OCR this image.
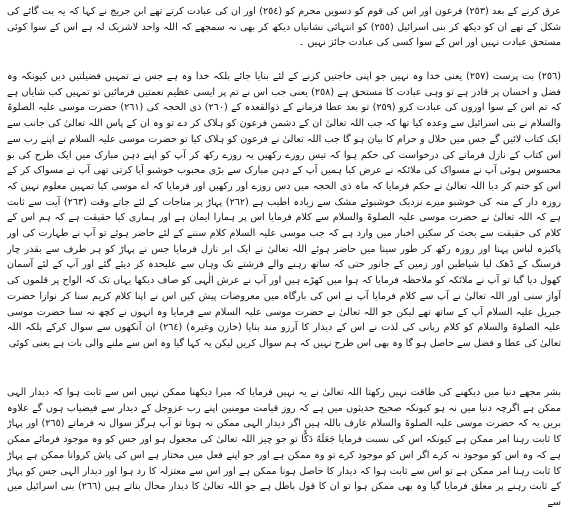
عرق کرنے کے بعد (٢٥٣) فرعون اور اس کی قوم کو دسویں محرم کو (٢٥٤) اور ان کی عبادت کرتے تھے ابن جریج نے کہا کہ یہ بت گائے کی شکل کے تھے ان کو دیکھ کر بنی اسرائیل (٢٥٥) کو انتہائی نشانیاں دیکھ کر بھی نہ سمجھے کہ اللہ واحد لاشریک لہ ہے اس کے سوا کوئی مستحق عبادت نہیں اور اس کے سوا کسی کی عبادت جائز نہیں ۔

(٢٥٦) بت پرست (٢٥٧) یعنی خدا وہ نہیں جو اپنی حاجتیں کرنے کے لئے بنایا جائے بلکہ خدا وہ ہے جس نے تمہیں فضیلتیں دیں کیونکہ وہ فضل و احسان پر قادر ہے تو وہی عبادت کا مستحق ہے (٢٥٨) یعنی جب اس نے تم پر ایسی عظیم نعمتیں فرمائیں تو تمہیں کب شایاں ہے کہ تم اس کے سوا اوروں کی عبادت کرو (٢٥٩) تو بعد عطا فرمانے کے ذوالقعدہ کے (٢٦٠) ذی الحجہ کی (٢٦١) حضرت موسی علیہ الصلوۃ والسلام نے بنی اسرائیل سے وعدہ کیا تھا کہ جب اللہ تعالیٰ ان کے دشمن فرعون کو ہلاک کر دے تو وہ ان کے پاس اللہ تعالیٰ کی جانب سے ایک کتاب لائیں گے جس میں حلال و حرام کا بیان ہو گا جب اللہ تعالیٰ نے فرعون کو ہلاک کیا تو حضرت موسی علیہ السلام نے اپنے رب سے اس کتاب کے نازل فرمانے کی درخواست کی حکم ہوا کہ تیس روزے رکھیں یہ روزے رکھ کر آپ کو اپنے دہن مبارک میں ایک طرح کی بو محسوس ہوئی آپ نے مسواک کی ملائکہ نے عرض کیا ہمیں آپ کے دہن مبارک سے بڑی محبوب خوشبو آیا کرتی تھی آپ نے مسواک کر کے اس کو ختم کر دیا اللہ تعالیٰ نے حکم فرمایا کہ ماہ ذی الحجہ میں دس روزے اور رکھیں اور فرمایا کہ اے موسی کیا تمہیں معلوم نہیں کہ روزہ دار کے منہ کی خوشبو میرے نزدیک خوشبوئے مشک سے زیادہ اطیب ہے (٢٦٢) پہاڑ پر مناجات کے لئے جاتے وقت (٢٦٣) آیت سے ثابت ہے کہ اللہ تعالیٰ نے حضرت موسی علیہ الصلوۃ والسلام سے کلام فرمایا اس پر ہمارا ایمان ہے اور ہماری کیا حقیقت ہے کہ ہم اس کے کلام کی حقیقت سے بحث کر سکیں اخبار میں وارد ہے کہ جب موسی علیہ السلام کلام سننے کے لئے حاضر ہوئے تو آپ نے طہارت کی اور پاکیزہ لباس پہنا اور روزہ رکھ کر طور سینا میں حاضر ہوئے اللہ تعالیٰ نے ایک ابر نازل فرمایا جس نے پہاڑ کو ہر طرف سے بقدر چار فرسنگ کے ڈھک لیا شیاطین اور زمین کے جانور حتی کہ ساتھ رہنے والے فرشتے تک وہاں سے علیحدہ کر دیئے گئے اور آپ کے لئے آسمان کھول دیا گیا تو آپ نے ملائکہ کو ملاحظہ فرمایا کہ ہوا میں کھڑے ہیں اور آپ نے عرش الٰہی کو صاف دیکھا یہاں تک کہ الواح پر قلموں کی آواز سنی اور اللہ تعالیٰ نے آپ سے کلام فرمایا آپ نے اس کی بارگاہ میں معروضات پیش کیں اس نے اپنا کلام کریم سنا کر نوازا حضرت جبریل علیہ السلام آپ کے ساتھ تھے لیکن جو اللہ تعالیٰ نے حضرت موسی علیہ السلام سے فرمایا وہ انہوں نے کچھ نہ سنا حضرت موسی علیہ الصلوۃ والسلام کو کلام ربانی کی لذت نے اس کے دیدار کا آرزو مند بنایا (خازن وغیرہ) (٢٦٤) ان آنکھوں سے سوال کرکے بلکہ اللہ تعالیٰ کی عطا و فضل سے حاصل ہو گا وہ بھی اس طرح نہیں کہ ہم سوال کریں لیکن یہ کہا گیا وہ اس سے ملنے والی بات ہے یعنی کوئی

بشر مجھے دنیا میں دیکھنے کی طاقت نہیں رکھتا اللہ تعالیٰ نے یہ نہیں فرمایا کہ میرا دیکھنا ممکن نہیں اس سے ثابت ہوا کہ دیدار الہی ممکن ہے اگرچہ دنیا میں نہ ہو کیونکہ صحیح حدیثوں میں ہے کہ روز قیامت مومنین اپنے رب عزوجل کے دیدار سے فیضیاب ہوں گے علاوہ بریں یہ کہ حضرت موسی علیہ الصلوۃ والسلام عارف باللہ ہیں اگر دیدار الہی ممکن نہ ہوتا تو آپ ہرگز سوال نہ فرماتے (٢٦٥) اور پہاڑ کا ثابت رہنا امر ممکن ہے کیونکہ اس کی نسبت فرمایا جَعَلَهُ دَكًّا تو جو چیز اللہ تعالیٰ کی مجعول ہو اور جس کو وہ موجود فرمائے ممکن ہے کہ وہ اس کو موجود نہ کرے اگر اس کو موجود کرے تو وہ ممکن ہے اور جو اپنے فعل میں مختار ہے اس کی پاش کروانا ممکن ہے پہاڑ کا ثابت رہنا امر ممکن ہے تو اس سے ثابت ہوا کہ دیدار کا حاصل ہونا ممکن ہے اور اس سے معتزلہ کا رد ہوا اور دیدار الہی جس کو پہاڑ کے ثابت رہنے پر معلق فرمایا گیا وہ بھی ممکن ہوا تو ان کا قول باطل ہے جو اللہ تعالیٰ کا دیدار محال بتاتے ہیں (٢٦٦) بنی اسرائیل میں سے
